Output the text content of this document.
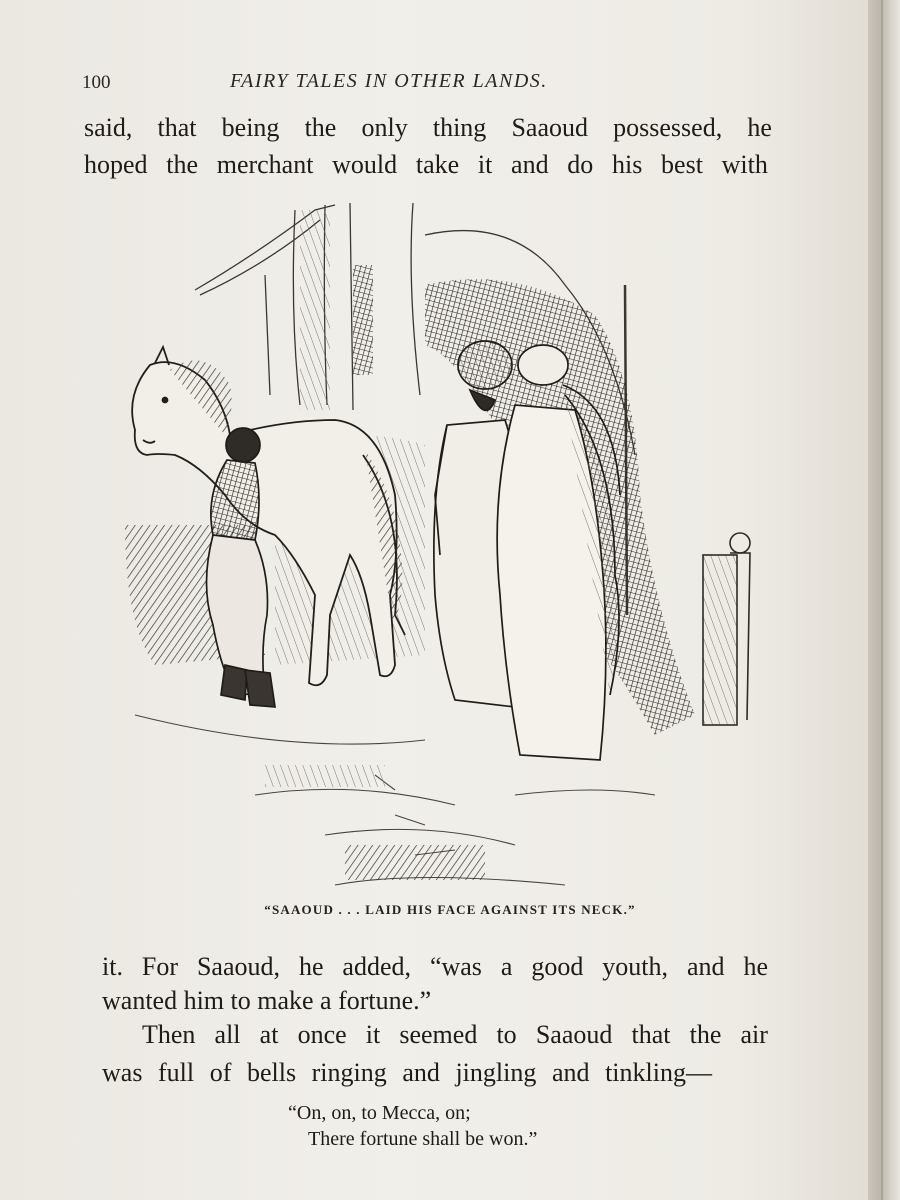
100	FAIRY TALES IN OTHER LANDS.
said, that being the only thing Saaoud possessed, he
hoped the merchant would take it and do his best with
“SAAOUD . . . LAID HIS FACE AGAINST ITS NECK.”
it. For Saaoud, he added, “was a good youth, and he
wanted him to make a fortune.”
Then all at once it seemed to Saaoud that the air
was full of bells ringing and jingling and tinkling—
“On, on, to Mecca, on;
There fortune shall be won.”
